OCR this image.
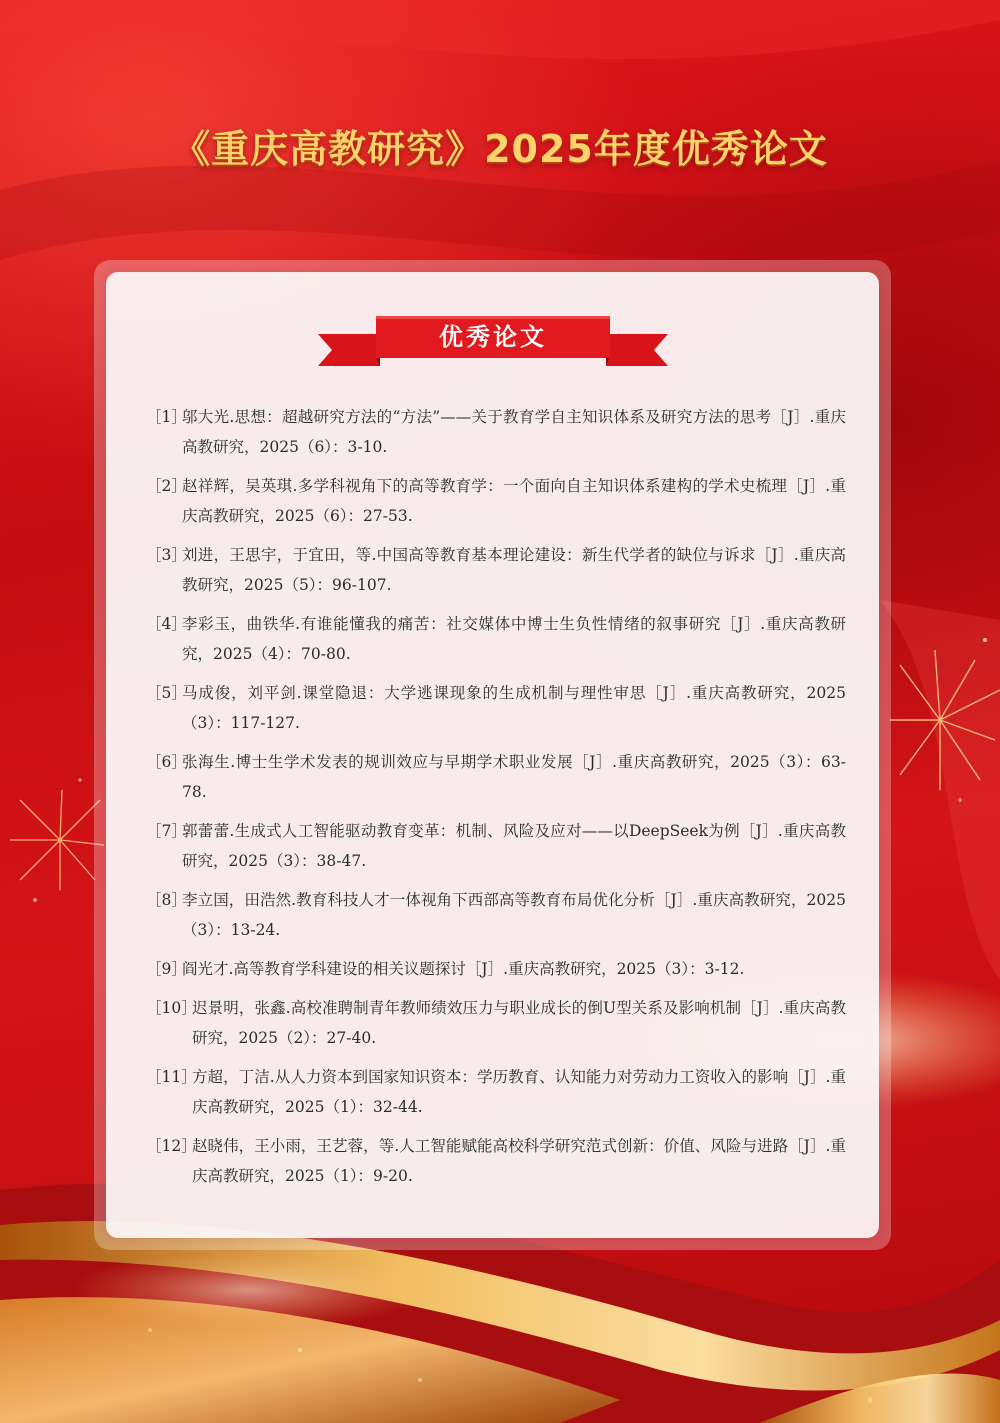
《重庆高教研究》2025年度优秀论文
优秀论文
［1］
邬大光.思想：超越研究方法的“方法”——关于教育学自主知识体系及研究方法的思考［J］.重庆高教研究，2025（6）：3-10.
［2］
赵祥辉，吴英琪.多学科视角下的高等教育学：一个面向自主知识体系建构的学术史梳理［J］.重庆高教研究，2025（6）：27-53.
［3］
刘进，王思宇，于宜田，等.中国高等教育基本理论建设：新生代学者的缺位与诉求［J］.重庆高教研究，2025（5）：96-107.
［4］
李彩玉，曲铁华.有谁能懂我的痛苦：社交媒体中博士生负性情绪的叙事研究［J］.重庆高教研究，2025（4）：70-80.
［5］
马成俊，刘平剑.课堂隐退：大学逃课现象的生成机制与理性审思［J］.重庆高教研究，2025（3）：117-127.
［6］
张海生.博士生学术发表的规训效应与早期学术职业发展［J］.重庆高教研究，2025（3）：63-78.
［7］
郭蕾蕾.生成式人工智能驱动教育变革：机制、风险及应对——以DeepSeek为例［J］.重庆高教研究，2025（3）：38-47.
［8］
李立国，田浩然.教育科技人才一体视角下西部高等教育布局优化分析［J］.重庆高教研究，2025（3）：13-24.
［9］
阎光才.高等教育学科建设的相关议题探讨［J］.重庆高教研究，2025（3）：3-12.
［10］
迟景明，张鑫.高校准聘制青年教师绩效压力与职业成长的倒U型关系及影响机制［J］.重庆高教研究，2025（2）：27-40.
［11］
方超，丁洁.从人力资本到国家知识资本：学历教育、认知能力对劳动力工资收入的影响［J］.重庆高教研究，2025（1）：32-44.
［12］
赵晓伟，王小雨，王艺蓉，等.人工智能赋能高校科学研究范式创新：价值、风险与进路［J］.重庆高教研究，2025（1）：9-20.
